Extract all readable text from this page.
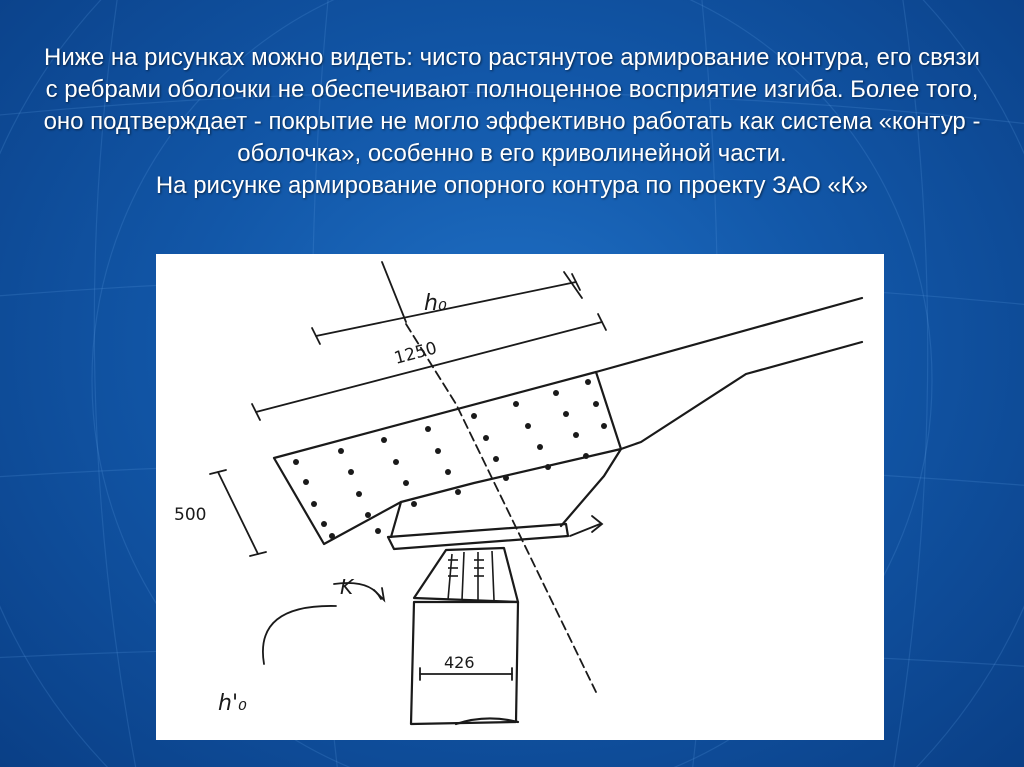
Ниже на рисунках можно видеть: чисто растянутое армирование контура, его связи с ребрами оболочки не обеспечивают полноценное восприятие изгиба. Более того, оно подтверждает - покрытие не могло эффективно работать как система «контур - оболочка», особенно в его криволинейной части.

На рисунке армирование опорного контура по проекту ЗАО «К»

h₀
1250
500
426
K
h'₀
